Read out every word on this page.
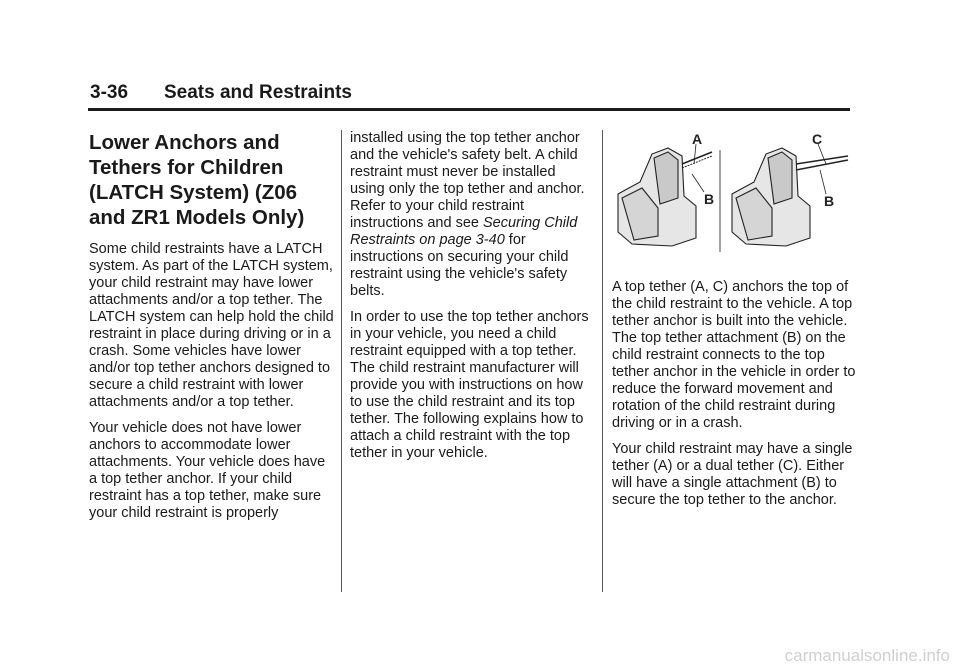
3-36 Seats and Restraints
Lower Anchors and Tethers for Children (LATCH System) (Z06 and ZR1 Models Only)

Some child restraints have a LATCH system. As part of the LATCH system, your child restraint may have lower attachments and/or a top tether. The LATCH system can help hold the child restraint in place during driving or in a crash. Some vehicles have lower and/or top tether anchors designed to secure a child restraint with lower attachments and/or a top tether.

Your vehicle does not have lower anchors to accommodate lower attachments. Your vehicle does have a top tether anchor. If your child restraint has a top tether, make sure your child restraint is properly

installed using the top tether anchor and the vehicle's safety belt. A child restraint must never be installed using only the top tether and anchor. Refer to your child restraint instructions and see Securing Child Restraints on page 3-40 for instructions on securing your child restraint using the vehicle's safety belts.

In order to use the top tether anchors in your vehicle, you need a child restraint equipped with a top tether. The child restraint manufacturer will provide you with instructions on how to use the child restraint and its top tether. The following explains how to attach a child restraint with the top tether in your vehicle.

A
B
C
B

A top tether (A, C) anchors the top of the child restraint to the vehicle. A top tether anchor is built into the vehicle. The top tether attachment (B) on the child restraint connects to the top tether anchor in the vehicle in order to reduce the forward movement and rotation of the child restraint during driving or in a crash.

Your child restraint may have a single tether (A) or a dual tether (C). Either will have a single attachment (B) to secure the top tether to the anchor.

carmanualsonline.info
